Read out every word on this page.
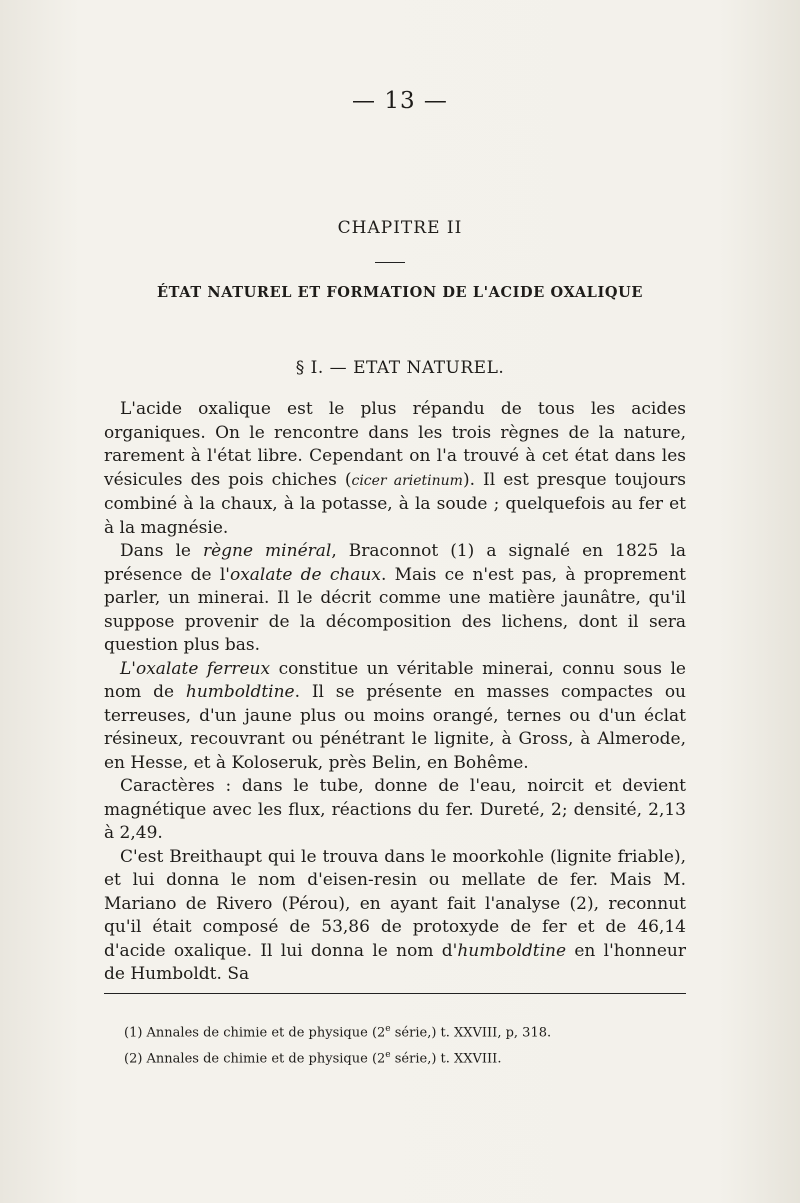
— 13 —
CHAPITRE II
ÉTAT NATUREL ET FORMATION DE L'ACIDE OXALIQUE
§ I. — ETAT NATUREL.

L'acide oxalique est le plus répandu de tous les acides organiques. On le rencontre dans les trois règnes de la nature, rarement à l'état libre. Cependant on l'a trouvé à cet état dans les vésicules des pois chiches (cicer arietinum). Il est presque toujours combiné à la chaux, à la potasse, à la soude ; quelquefois au fer et à la magnésie.

Dans le règne minéral, Braconnot (1) a signalé en 1825 la présence de l'oxalate de chaux. Mais ce n'est pas, à proprement parler, un minerai. Il le décrit comme une matière jaunâtre, qu'il suppose provenir de la décomposition des lichens, dont il sera question plus bas.

L'oxalate ferreux constitue un véritable minerai, connu sous le nom de humboldtine. Il se présente en masses compactes ou terreuses, d'un jaune plus ou moins orangé, ternes ou d'un éclat résineux, recouvrant ou pénétrant le lignite, à Gross, à Almerode, en Hesse, et à Koloseruk, près Belin, en Bohême.

Caractères : dans le tube, donne de l'eau, noircit et devient magnétique avec les flux, réactions du fer. Dureté, 2; densité, 2,13 à 2,49.

C'est Breithaupt qui le trouva dans le moorkohle (lignite friable), et lui donna le nom d'eisen-resin ou mellate de fer. Mais M. Mariano de Rivero (Pérou), en ayant fait l'analyse (2), reconnut qu'il était composé de 53,86 de protoxyde de fer et de 46,14 d'acide oxalique. Il lui donna le nom d'humboldtine en l'honneur de Humboldt. Sa

(1) Annales de chimie et de physique (2e série,) t. XXVIII, p, 318.
(2) Annales de chimie et de physique (2e série,) t. XXVIII.
